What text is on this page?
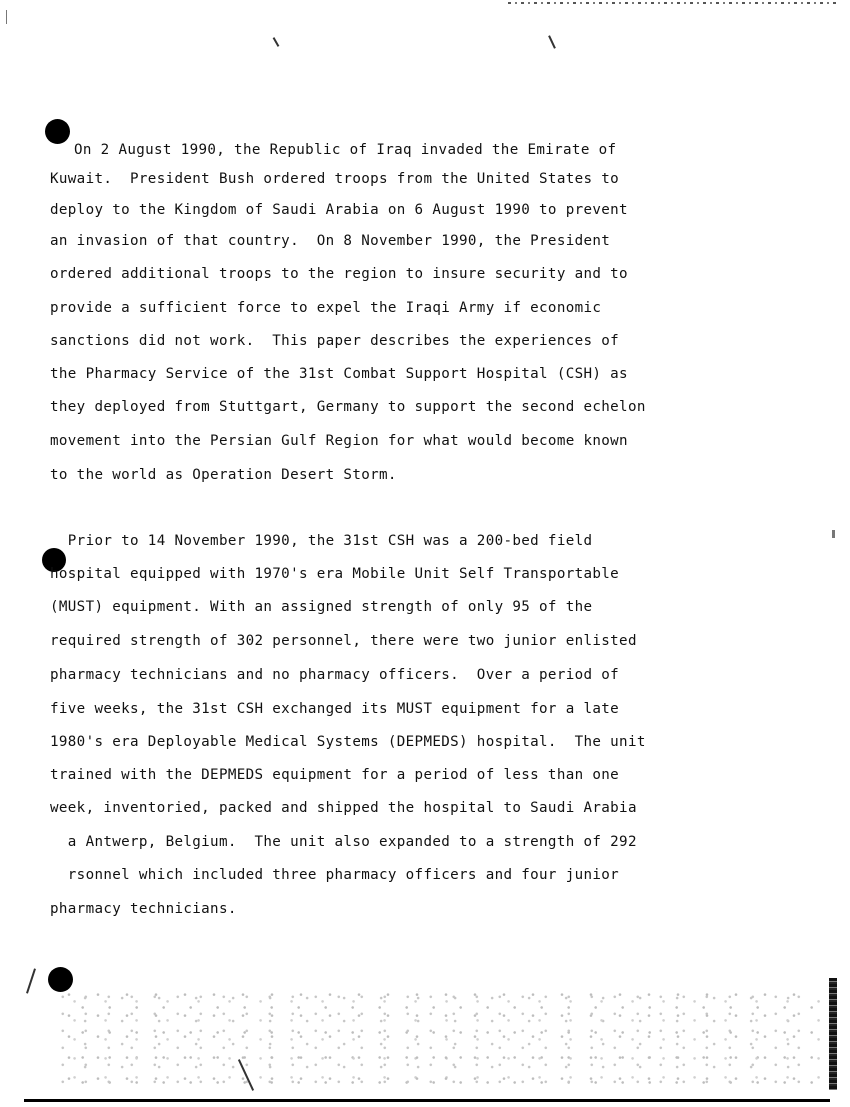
On 2 August 1990, the Republic of Iraq invaded the Emirate of
Kuwait.  President Bush ordered troops from the United States to
deploy to the Kingdom of Saudi Arabia on 6 August 1990 to prevent
an invasion of that country.  On 8 November 1990, the President
ordered additional troops to the region to insure security and to
provide a sufficient force to expel the Iraqi Army if economic
sanctions did not work.  This paper describes the experiences of
the Pharmacy Service of the 31st Combat Support Hospital (CSH) as
they deployed from Stuttgart, Germany to support the second echelon
movement into the Persian Gulf Region for what would become known
to the world as Operation Desert Storm.
Prior to 14 November 1990, the 31st CSH was a 200-bed field
hospital equipped with 1970's era Mobile Unit Self Transportable
(MUST) equipment. With an assigned strength of only 95 of the
required strength of 302 personnel, there were two junior enlisted
pharmacy technicians and no pharmacy officers.  Over a period of
five weeks, the 31st CSH exchanged its MUST equipment for a late
1980's era Deployable Medical Systems (DEPMEDS) hospital.  The unit
trained with the DEPMEDS equipment for a period of less than one
week, inventoried, packed and shipped the hospital to Saudi Arabia
a Antwerp, Belgium.  The unit also expanded to a strength of 292
rsonnel which included three pharmacy officers and four junior
pharmacy technicians.
